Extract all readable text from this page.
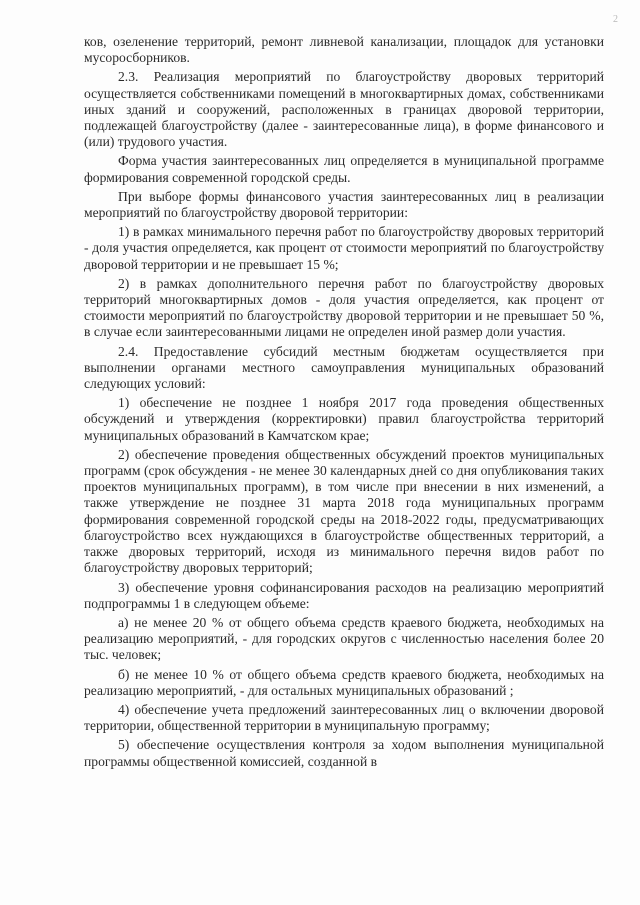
2

ков, озеленение территорий, ремонт ливневой канализации, площадок для установки мусоросборников.

2.3. Реализация мероприятий по благоустройству дворовых территорий осуществляется собственниками помещений в многоквартирных домах, собственниками иных зданий и сооружений, расположенных в границах дворовой территории, подлежащей благоустройству (далее - заинтересованные лица), в форме финансового и (или) трудового участия.

Форма участия заинтересованных лиц определяется в муниципальной программе формирования современной городской среды.

При выборе формы финансового участия заинтересованных лиц в реализации мероприятий по благоустройству дворовой территории:

1) в рамках минимального перечня работ по благоустройству дворовых территорий - доля участия определяется, как процент от стоимости мероприятий по благоустройству дворовой территории и не превышает 15 %;

2) в рамках дополнительного перечня работ по благоустройству дворовых территорий многоквартирных домов - доля участия определяется, как процент от стоимости мероприятий по благоустройству дворовой территории и не превышает 50 %, в случае если заинтересованными лицами не определен иной размер доли участия.

2.4. Предоставление субсидий местным бюджетам осуществляется при выполнении органами местного самоуправления муниципальных образований следующих условий:

1) обеспечение не позднее 1 ноября 2017 года проведения общественных обсуждений и утверждения (корректировки) правил благоустройства территорий муниципальных образований в Камчатском крае;

2) обеспечение проведения общественных обсуждений проектов муниципальных программ (срок обсуждения - не менее 30 календарных дней со дня опубликования таких проектов муниципальных программ), в том числе при внесении в них изменений, а также утверждение не позднее 31 марта 2018 года муниципальных программ формирования современной городской среды на 2018-2022 годы, предусматривающих благоустройство всех нуждающихся в благоустройстве общественных территорий, а также дворовых территорий, исходя из минимального перечня видов работ по благоустройству дворовых территорий;

3) обеспечение уровня софинансирования расходов на реализацию мероприятий подпрограммы 1 в следующем объеме:

а) не менее 20 % от общего объема средств краевого бюджета, необходимых на реализацию мероприятий, - для городских округов с численностью населения более 20 тыс. человек;

б) не менее 10 % от общего объема средств краевого бюджета, необходимых на реализацию мероприятий, - для остальных муниципальных образований ;

4) обеспечение учета предложений заинтересованных лиц о включении дворовой территории, общественной территории в муниципальную программу;

5) обеспечение осуществления контроля за ходом выполнения муниципальной программы общественной комиссией, созданной в
